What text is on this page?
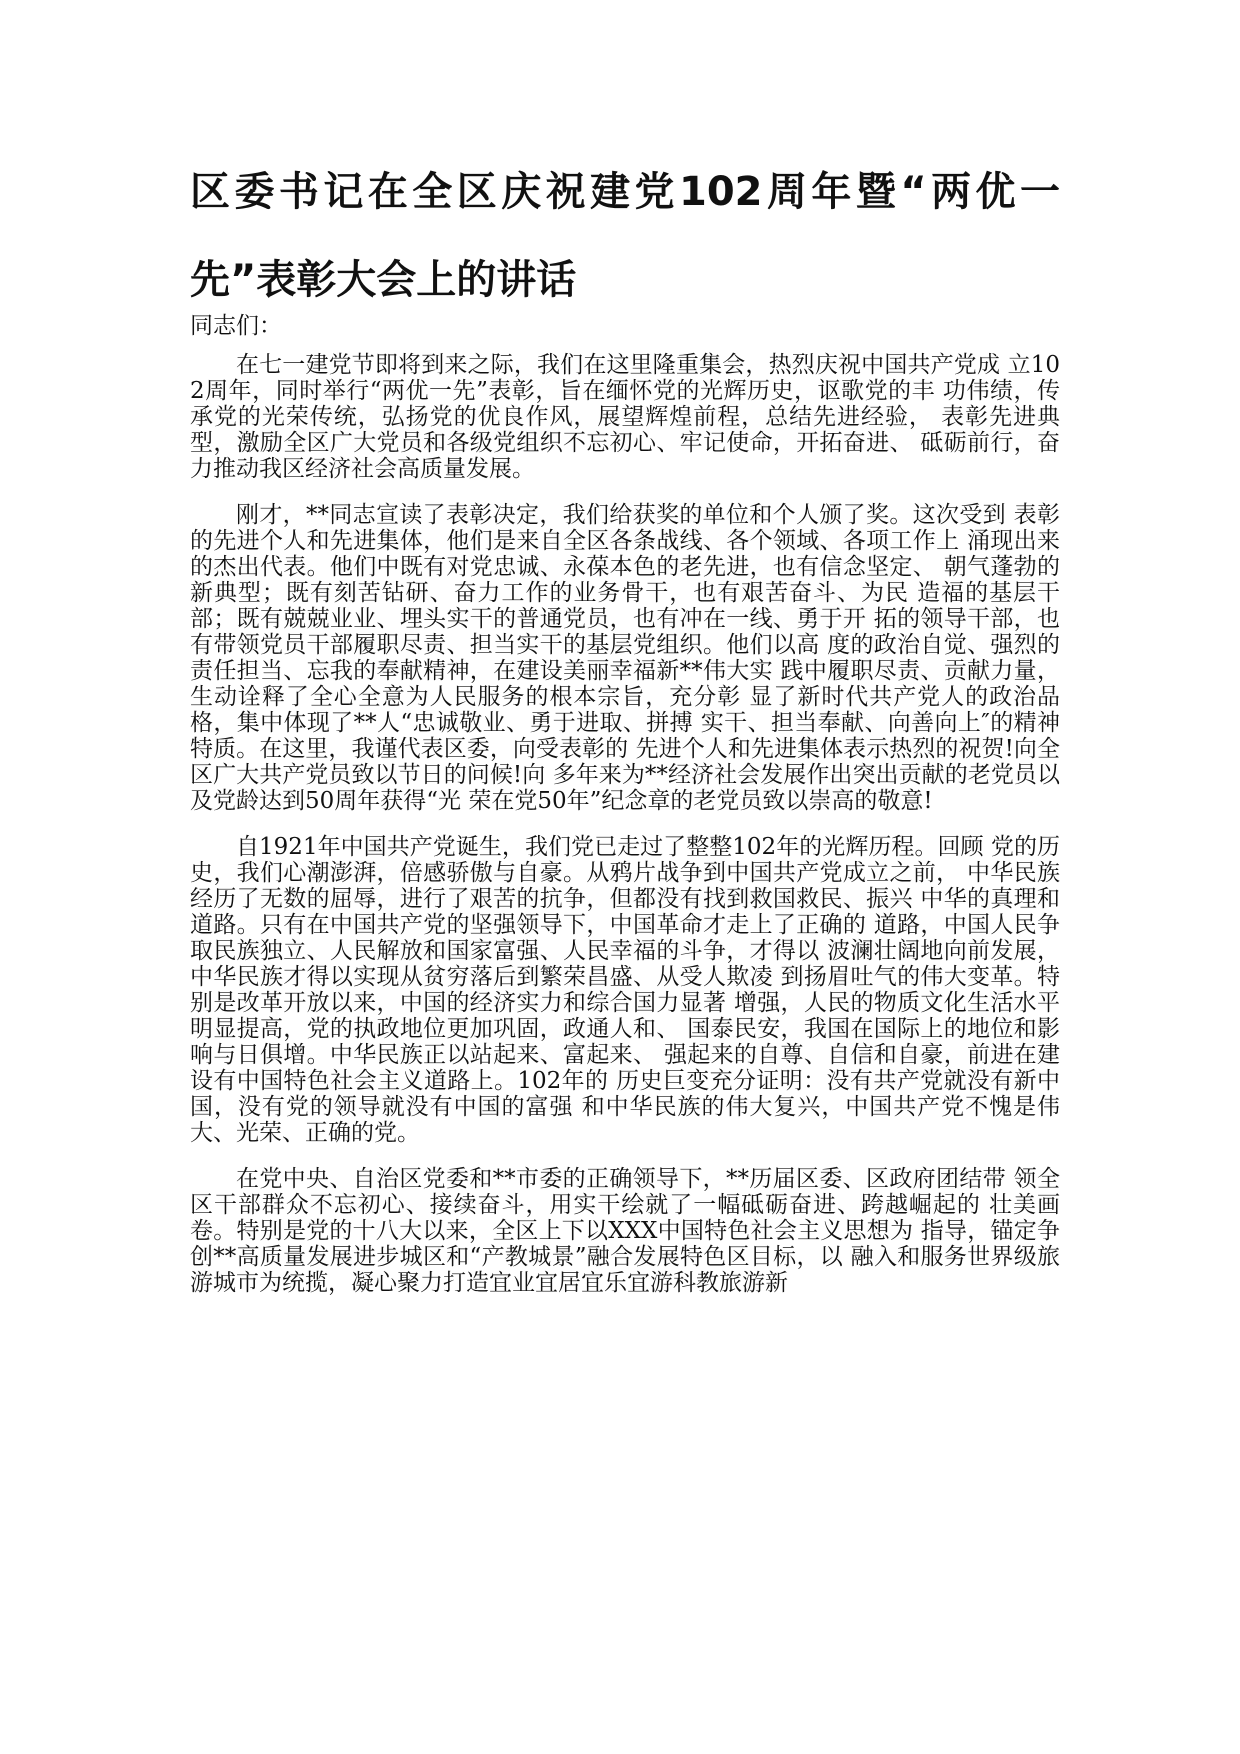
区委书记在全区庆祝建党102周年暨“两优一先”表彰大会上的讲话
同志们：

在七一建党节即将到来之际，我们在这里隆重集会，热烈庆祝中国共产党成 立102周年，同时举行“两优一先”表彰，旨在缅怀党的光辉历史，讴歌党的丰 功伟绩，传承党的光荣传统，弘扬党的优良作风，展望辉煌前程，总结先进经验， 表彰先进典型，激励全区广大党员和各级党组织不忘初心、牢记使命，开拓奋进、 砥砺前行，奋力推动我区经济社会高质量发展。

刚才，**同志宣读了表彰决定，我们给获奖的单位和个人颁了奖。这次受到 表彰的先进个人和先进集体，他们是来自全区各条战线、各个领域、各项工作上 涌现出来的杰出代表。他们中既有对党忠诚、永葆本色的老先进，也有信念坚定、 朝气蓬勃的新典型；既有刻苦钻研、奋力工作的业务骨干，也有艰苦奋斗、为民 造福的基层干部；既有兢兢业业、埋头实干的普通党员，也有冲在一线、勇于开 拓的领导干部，也有带领党员干部履职尽责、担当实干的基层党组织。他们以高 度的政治自觉、强烈的责任担当、忘我的奉献精神，在建设美丽幸福新**伟大实 践中履职尽责、贡献力量，生动诠释了全心全意为人民服务的根本宗旨，充分彰 显了新时代共产党人的政治品格，集中体现了**人“忠诚敬业、勇于进取、拼搏 实干、担当奉献、向善向上″的精神特质。在这里，我谨代表区委，向受表彰的 先进个人和先进集体表示热烈的祝贺!向全区广大共产党员致以节日的问候!向 多年来为**经济社会发展作出突出贡献的老党员以及党龄达到50周年获得“光 荣在党50年”纪念章的老党员致以崇高的敬意!

自1921年中国共产党诞生，我们党已走过了整整102年的光辉历程。回顾 党的历史，我们心潮澎湃，倍感骄傲与自豪。从鸦片战争到中国共产党成立之前， 中华民族经历了无数的屈辱，进行了艰苦的抗争，但都没有找到救国救民、振兴 中华的真理和道路。只有在中国共产党的坚强领导下，中国革命才走上了正确的 道路，中国人民争取民族独立、人民解放和国家富强、人民幸福的斗争，才得以 波澜壮阔地向前发展，中华民族才得以实现从贫穷落后到繁荣昌盛、从受人欺凌 到扬眉吐气的伟大变革。特别是改革开放以来，中国的经济实力和综合国力显著 增强，人民的物质文化生活水平明显提高，党的执政地位更加巩固，政通人和、 国泰民安，我国在国际上的地位和影响与日俱增。中华民族正以站起来、富起来、 强起来的自尊、自信和自豪，前进在建设有中国特色社会主义道路上。102年的 历史巨变充分证明：没有共产党就没有新中国，没有党的领导就没有中国的富强 和中华民族的伟大复兴，中国共产党不愧是伟大、光荣、正确的党。

在党中央、自治区党委和**市委的正确领导下，**历届区委、区政府团结带 领全区干部群众不忘初心、接续奋斗，用实干绘就了一幅砥砺奋进、跨越崛起的 壮美画卷。特别是党的十八大以来，全区上下以XXX中国特色社会主义思想为 指导，锚定争创**高质量发展进步城区和“产教城景”融合发展特色区目标，以 融入和服务世界级旅游城市为统揽，凝心聚力打造宜业宜居宜乐宜游科教旅游新
